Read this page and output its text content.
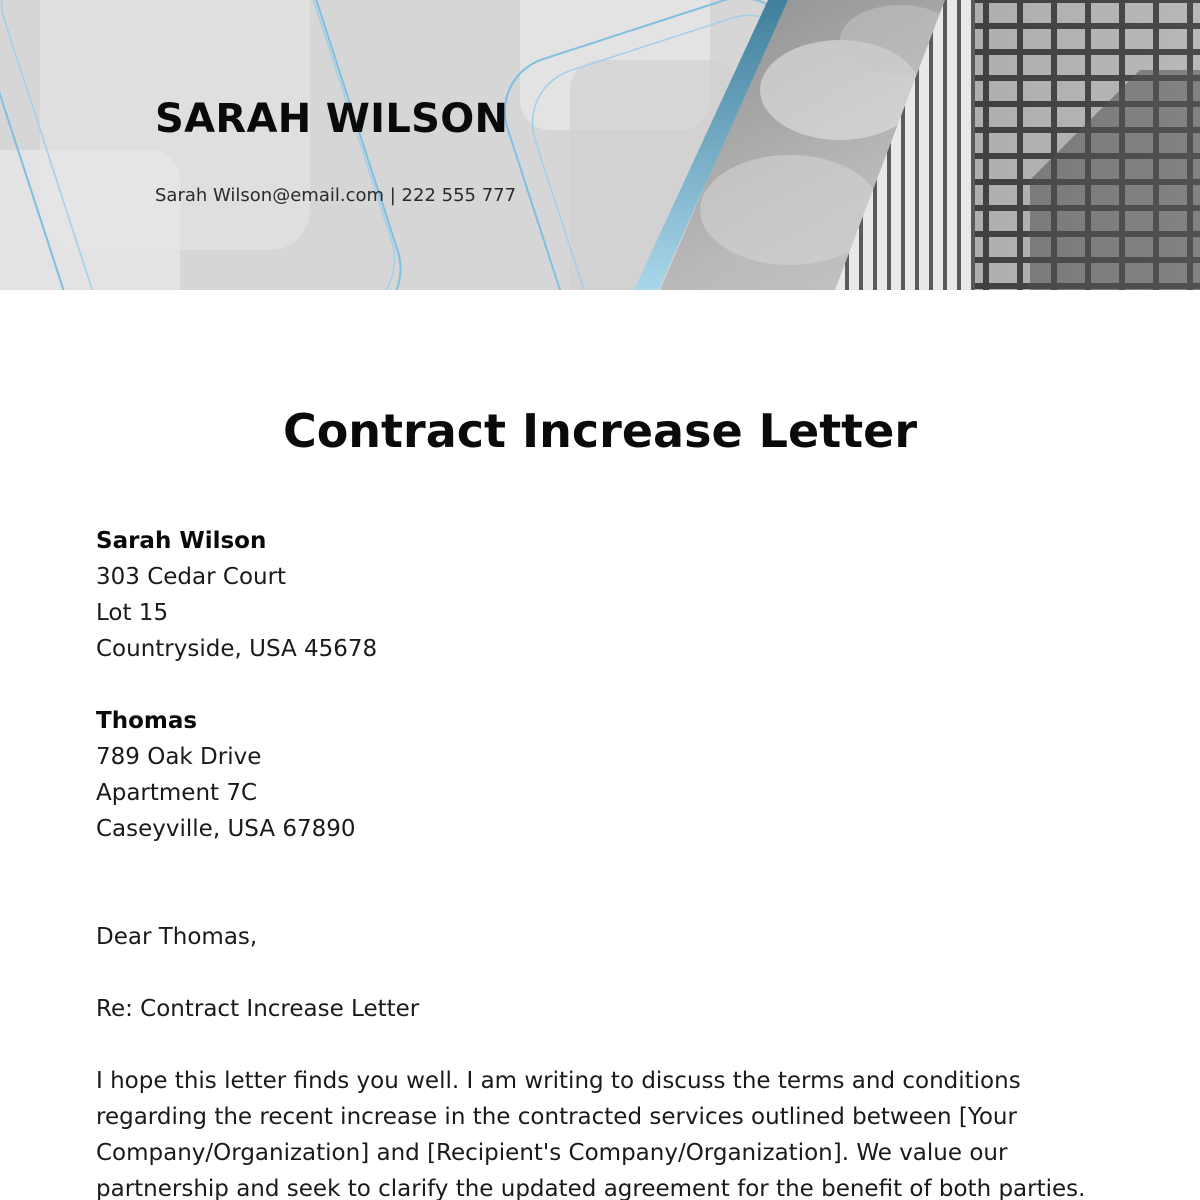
SARAH WILSON
Sarah Wilson@email.com | 222 555 777
Contract Increase Letter
Sarah Wilson
303 Cedar Court
Lot 15
Countryside, USA 45678
Thomas
789 Oak Drive
Apartment 7C
Caseyville, USA 67890
Dear Thomas,
Re: Contract Increase Letter
I hope this letter finds you well. I am writing to discuss the terms and conditions
regarding the recent increase in the contracted services outlined between [Your
Company/Organization] and [Recipient's Company/Organization]. We value our
partnership and seek to clarify the updated agreement for the benefit of both parties.
